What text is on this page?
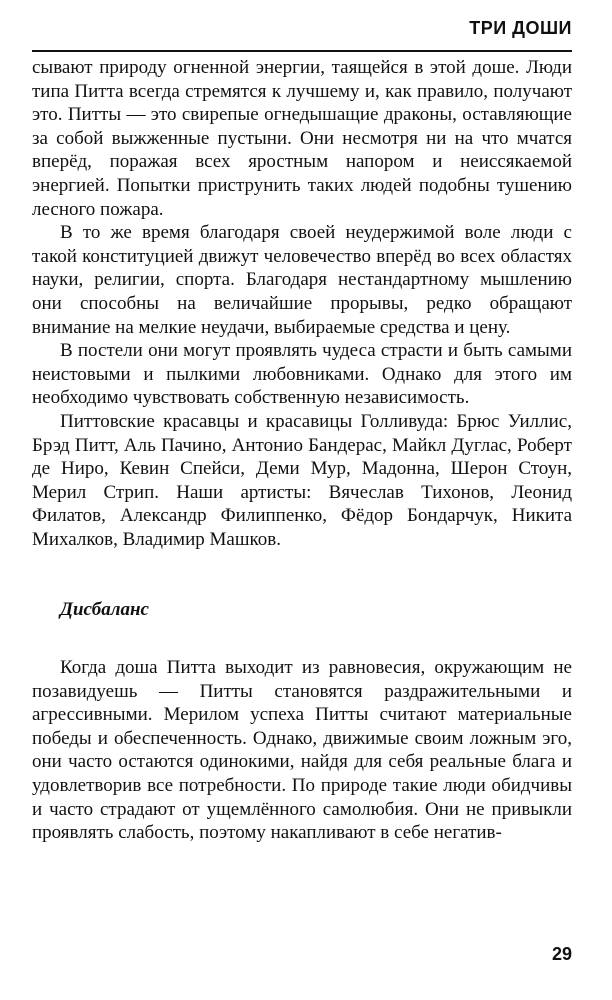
ТРИ ДОШИ

сывают природу огненной энергии, таящейся в этой доше. Люди типа Питта всегда стремятся к лучшему и, как правило, получают это. Питты — это свирепые огнедышащие драконы, оставляющие за собой выжженные пустыни. Они несмотря ни на что мчатся вперёд, поражая всех яростным напором и неиссякаемой энергией. Попытки приструнить таких людей подобны тушению лесного пожара.

В то же время благодаря своей неудержимой воле люди с такой конституцией движут человечество вперёд во всех областях науки, религии, спорта. Благодаря нестандартному мышлению они способны на величайшие прорывы, редко обращают внимание на мелкие неудачи, выбираемые средства и цену.

В постели они могут проявлять чудеса страсти и быть самыми неистовыми и пылкими любовниками. Однако для этого им необходимо чувствовать собственную независимость.

Питтовские красавцы и красавицы Голливуда: Брюс Уиллис, Брэд Питт, Аль Пачино, Антонио Бандерас, Майкл Дуглас, Роберт де Ниро, Кевин Спейси, Деми Мур, Мадонна, Шерон Стоун, Мерил Стрип. Наши артисты: Вячеслав Тихонов, Леонид Филатов, Александр Филиппенко, Фёдор Бондарчук, Никита Михалков, Владимир Машков.

Дисбаланс

Когда доша Питта выходит из равновесия, окружающим не позавидуешь — Питты становятся раздражительными и агрессивными. Мерилом успеха Питты считают материальные победы и обеспеченность. Однако, движимые своим ложным эго, они часто остаются одинокими, найдя для себя реальные блага и удовлетворив все потребности. По природе такие люди обидчивы и часто страдают от ущемлённого самолюбия. Они не привыкли проявлять слабость, поэтому накапливают в себе негатив-

29
